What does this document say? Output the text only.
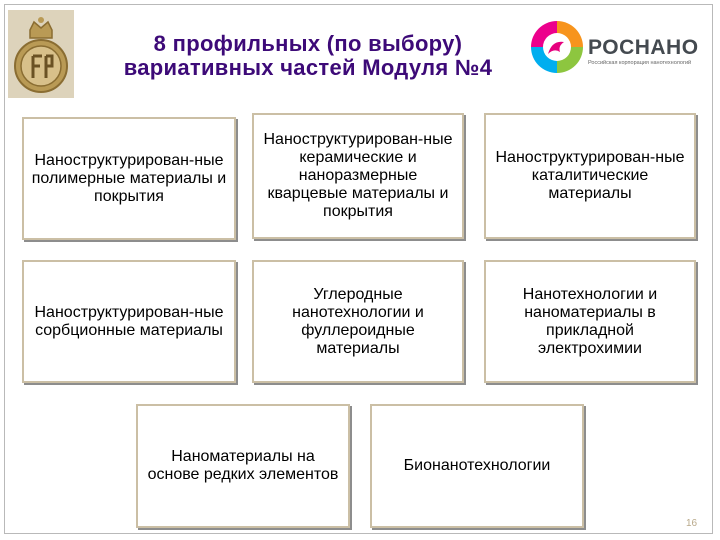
8 профильных (по выбору)
вариативных частей Модуля №4
РОСНАНО
Российская корпорация нанотехнологий
Наноструктурирован-ные полимерные материалы и покрытия
Наноструктурирован-ные керамические и наноразмерные кварцевые материалы и покрытия
Наноструктурирован-ные каталитические материалы
Наноструктурирован-ные сорбционные материалы
Углеродные нанотехнологии и фуллероидные материалы
Нанотехнологии и наноматериалы в прикладной электрохимии
Наноматериалы на основе редких элементов
Бионанотехнологии
16
